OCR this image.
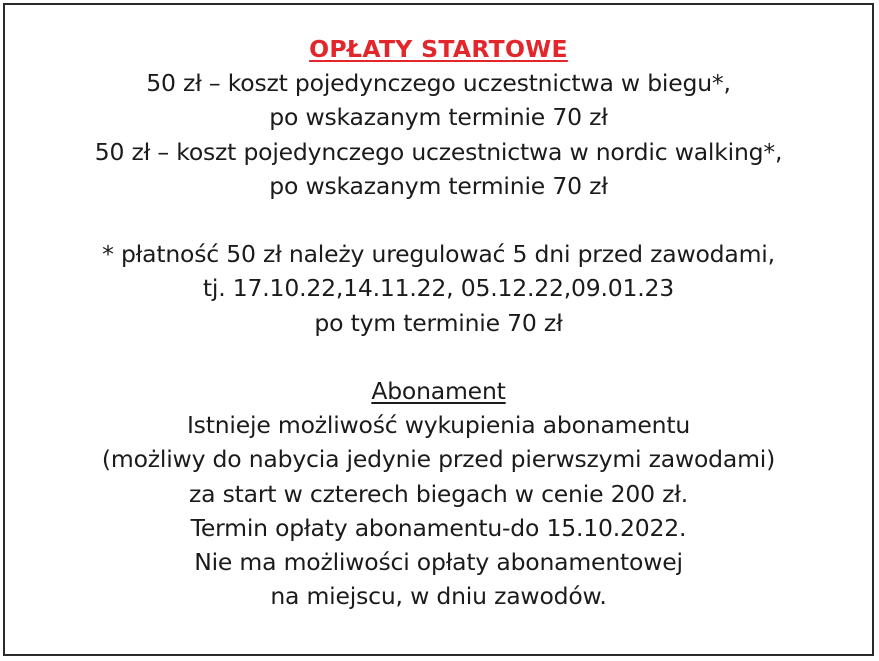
OPŁATY STARTOWE
50 zł – koszt pojedynczego uczestnictwa w biegu*,
po wskazanym terminie 70 zł
50 zł – koszt pojedynczego uczestnictwa w nordic walking*,
po wskazanym terminie 70 zł
* płatność 50 zł należy uregulować 5 dni przed zawodami,
tj. 17.10.22,14.11.22, 05.12.22,09.01.23
po tym terminie 70 zł
Abonament
Istnieje możliwość wykupienia abonamentu
(możliwy do nabycia jedynie przed pierwszymi zawodami)
za start w czterech biegach w cenie 200 zł.
Termin opłaty abonamentu-do 15.10.2022.
Nie ma możliwości opłaty abonamentowej
na miejscu, w dniu zawodów.
